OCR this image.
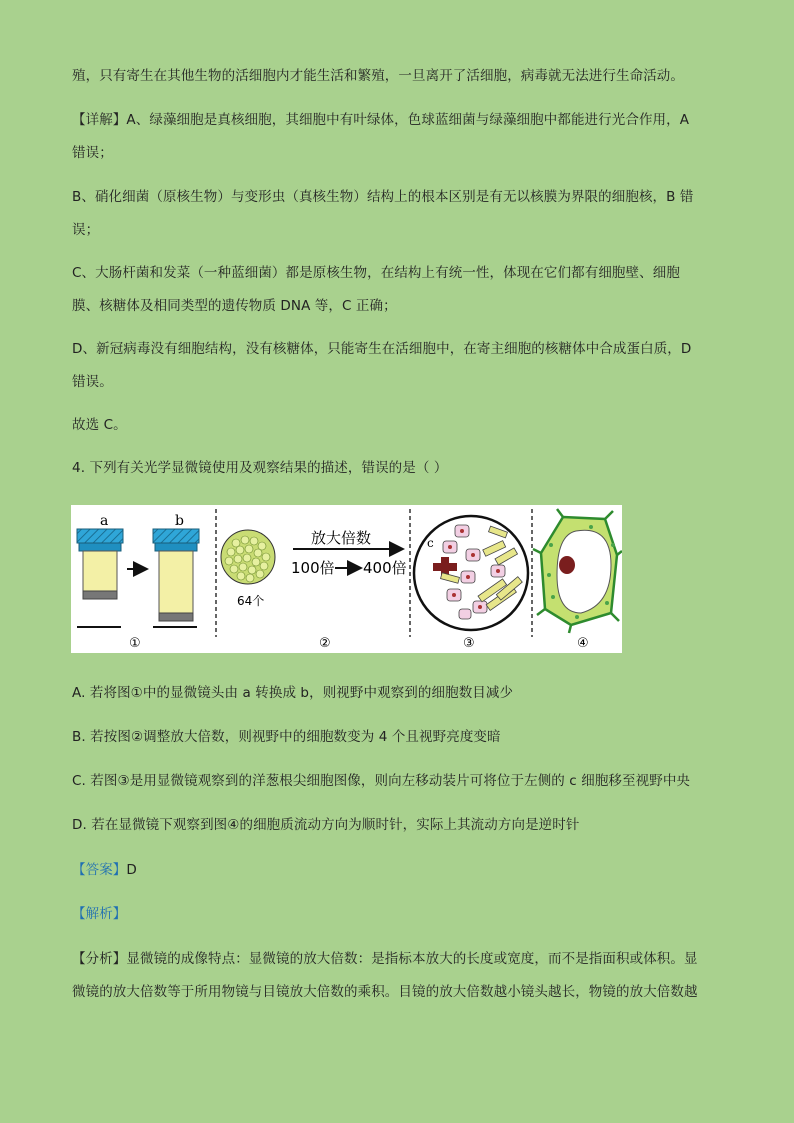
殖，只有寄生在其他生物的活细胞内才能生活和繁殖，一旦离开了活细胞，病毒就无法进行生命活动。

【详解】A、绿藻细胞是真核细胞，其细胞中有叶绿体，色球蓝细菌与绿藻细胞中都能进行光合作用，A

错误；

B、硝化细菌（原核生物）与变形虫（真核生物）结构上的根本区别是有无以核膜为界限的细胞核，B 错

误；

C、大肠杆菌和发菜（一种蓝细菌）都是原核生物，在结构上有统一性，体现在它们都有细胞壁、细胞

膜、核糖体及相同类型的遗传物质 DNA 等，C 正确；

D、新冠病毒没有细胞结构，没有核糖体，只能寄生在活细胞中，在寄主细胞的核糖体中合成蛋白质，D

错误。

故选 C。

4. 下列有关光学显微镜使用及观察结果的描述，错误的是（ ）

a	b
①
64个
放大倍数
100倍 400倍
②
c
③	④

A. 若将图①中的显微镜头由 a 转换成 b，则视野中观察到的细胞数目减少

B. 若按图②调整放大倍数，则视野中的细胞数变为 4 个且视野亮度变暗

C. 若图③是用显微镜观察到的洋葱根尖细胞图像，则向左移动装片可将位于左侧的 c 细胞移至视野中央

D. 若在显微镜下观察到图④的细胞质流动方向为顺时针，实际上其流动方向是逆时针

【答案】D

【解析】

【分析】显微镜的成像特点：显微镜的放大倍数：是指标本放大的长度或宽度，而不是指面积或体积。显

微镜的放大倍数等于所用物镜与目镜放大倍数的乘积。目镜的放大倍数越小镜头越长，物镜的放大倍数越
